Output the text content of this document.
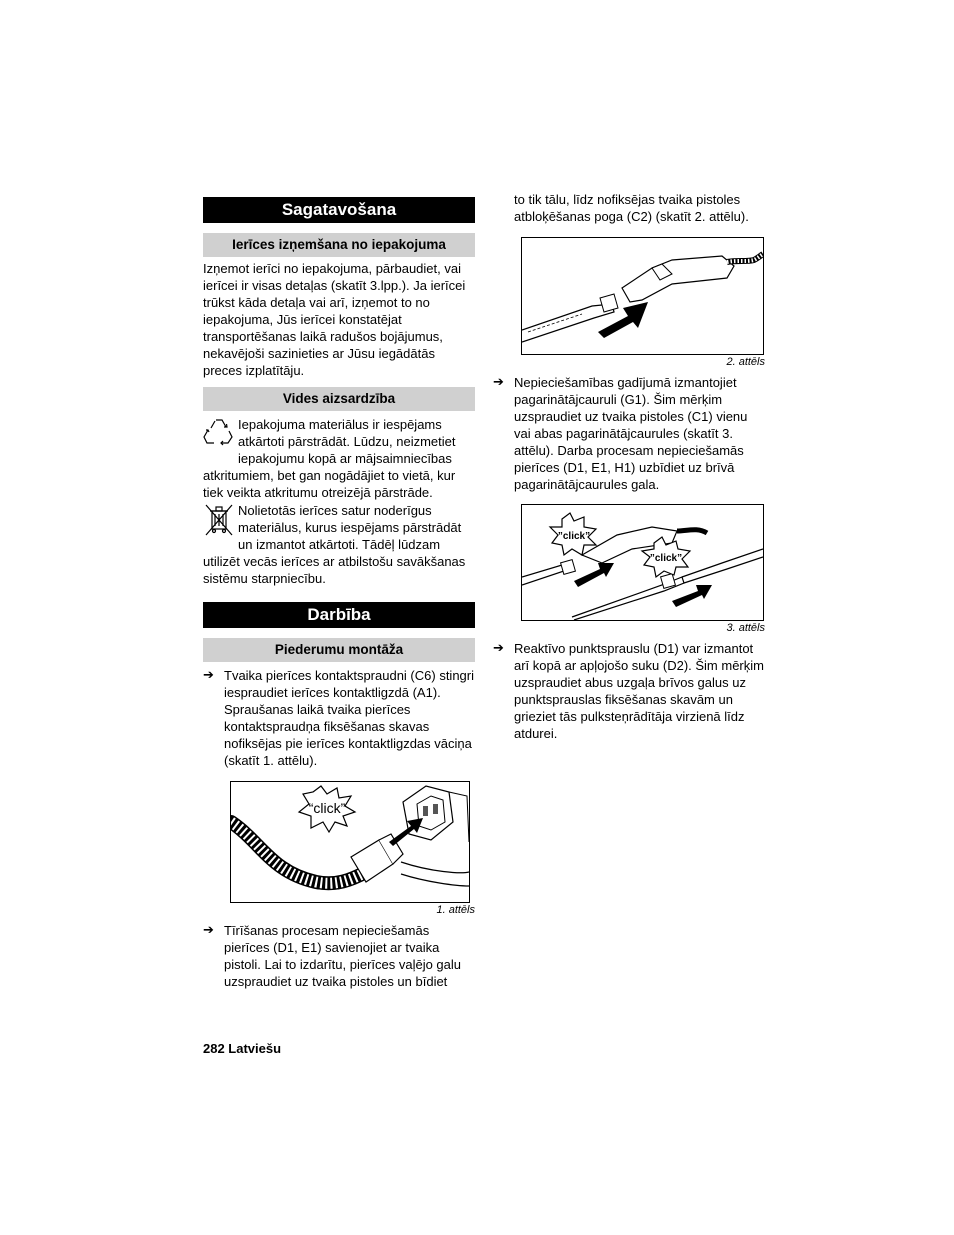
Sagatavošana
Ierīces izņemšana no iepakojuma
Izņemot ierīci no iepakojuma, pārbaudiet, vai ierīcei ir visas detaļas (skatīt 3.lpp.). Ja ierīcei trūkst kāda detaļa vai arī, izņemot to no iepakojuma, Jūs ierīcei konstatējat transportēšanas laikā radušos bojājumus, nekavējoši sazinieties ar Jūsu iegādātās preces izplatītāju.
Vides aizsardzība
Iepakojuma materiālus ir iespējams atkārtoti pārstrādāt. Lūdzu, neizmetiet iepakojumu kopā ar mājsaimniecības atkritumiem, bet gan nogādājiet to vietā, kur tiek veikta atkritumu otreizējā pārstrāde.
Nolietotās ierīces satur noderīgus materiālus, kurus iespējams pārstrādāt un izmantot atkārtoti. Tādēļ lūdzam utilizēt vecās ierīces ar atbilstošu savākšanas sistēmu starpniecību.
Darbība
Piederumu montāža
➔ Tvaika pierīces kontaktspraudni (C6) stingri iespraudiet ierīces kontaktligzdā (A1). Spraušanas laikā tvaika pierīces kontaktspraudņa fiksēšanas skavas nofiksējas pie ierīces kontaktligzdas vāciņa (skatīt 1. attēlu).
“click”
1. attēls
➔ Tīrīšanas procesam nepieciešamās pierīces (D1, E1) savienojiet ar tvaika pistoli. Lai to izdarītu, pierīces vaļējo galu uzspraudiet uz tvaika pistoles un bīdiet
to tik tālu, līdz nofiksējas tvaika pistoles atbloķēšanas poga (C2) (skatīt 2. attēlu).
2. attēls
➔ Nepieciešamības gadījumā izmantojiet pagarinātājcauruli (G1). Šim mērķim uzspraudiet uz tvaika pistoles (C1) vienu vai abas pagarinātājcaurules (skatīt 3. attēlu). Darba procesam nepieciešamās pierīces (D1, E1, H1) uzbīdiet uz brīvā pagarinātājcaurules gala.
”click”
”click”
3. attēls
➔ Reaktīvo punktsprauslu (D1) var izmantot arī kopā ar apļojošo suku (D2). Šim mērķim uzspraudiet abus uzgaļa brīvos galus uz punktsprauslas fiksēšanas skavām un grieziet tās pulksteņrādītāja virzienā līdz atdurei.
282 Latviešu
